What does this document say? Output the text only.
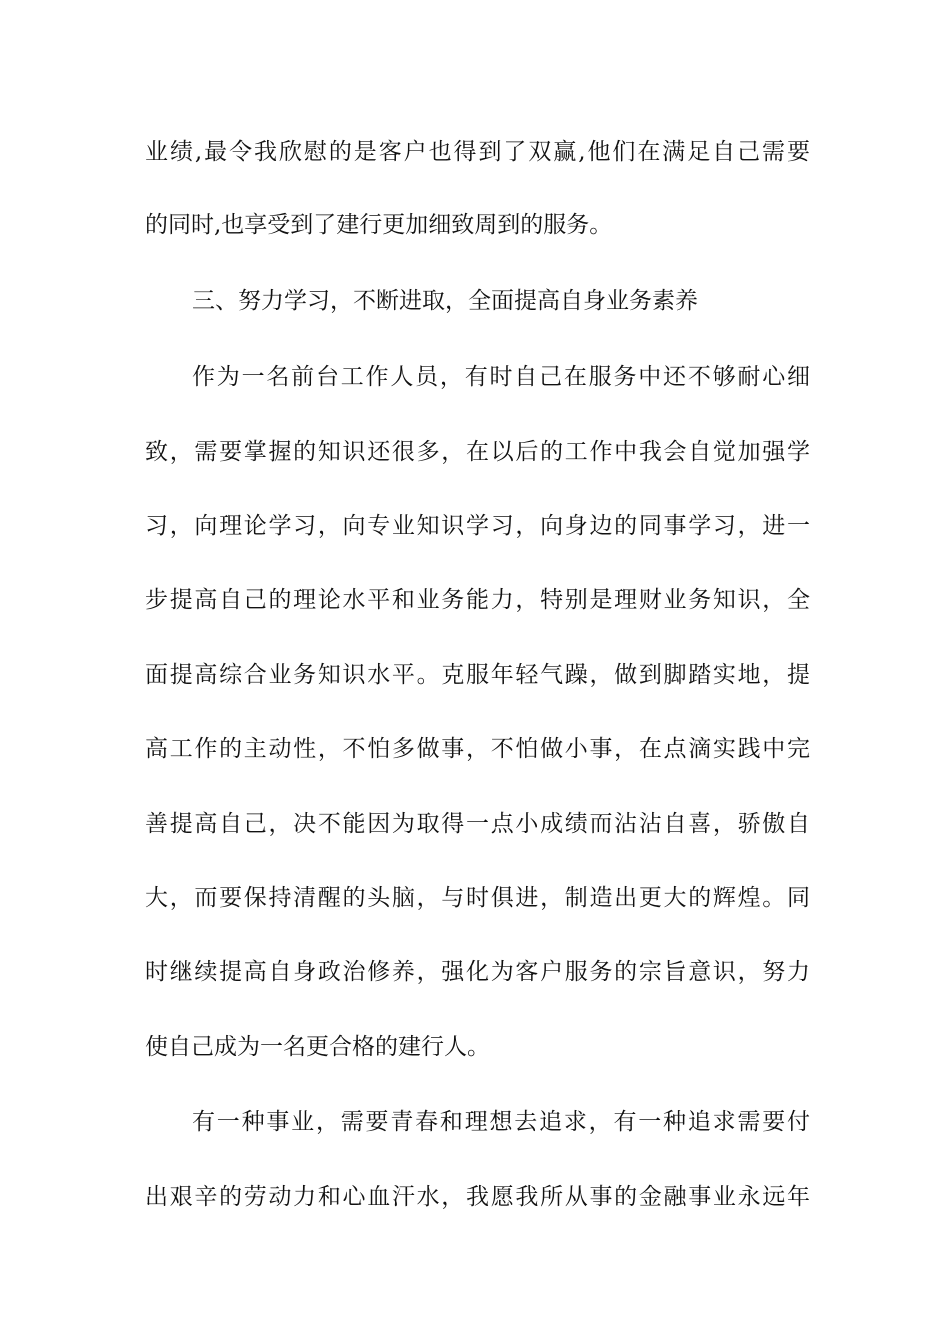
业绩,最令我欣慰的是客户也得到了双赢,他们在满足自己需要
的同时,也享受到了建行更加细致周到的服务。
三、努力学习，不断进取，全面提高自身业务素养
作为一名前台工作人员，有时自己在服务中还不够耐心细
致，需要掌握的知识还很多，在以后的工作中我会自觉加强学
习，向理论学习，向专业知识学习，向身边的同事学习，进一
步提高自己的理论水平和业务能力，特别是理财业务知识，全
面提高综合业务知识水平。克服年轻气躁，做到脚踏实地，提
高工作的主动性，不怕多做事，不怕做小事，在点滴实践中完
善提高自己，决不能因为取得一点小成绩而沾沾自喜，骄傲自
大，而要保持清醒的头脑，与时俱进，制造出更大的辉煌。同
时继续提高自身政治修养，强化为客户服务的宗旨意识，努力
使自己成为一名更合格的建行人。
有一种事业，需要青春和理想去追求，有一种追求需要付
出艰辛的劳动力和心血汗水，我愿我所从事的金融事业永远年
